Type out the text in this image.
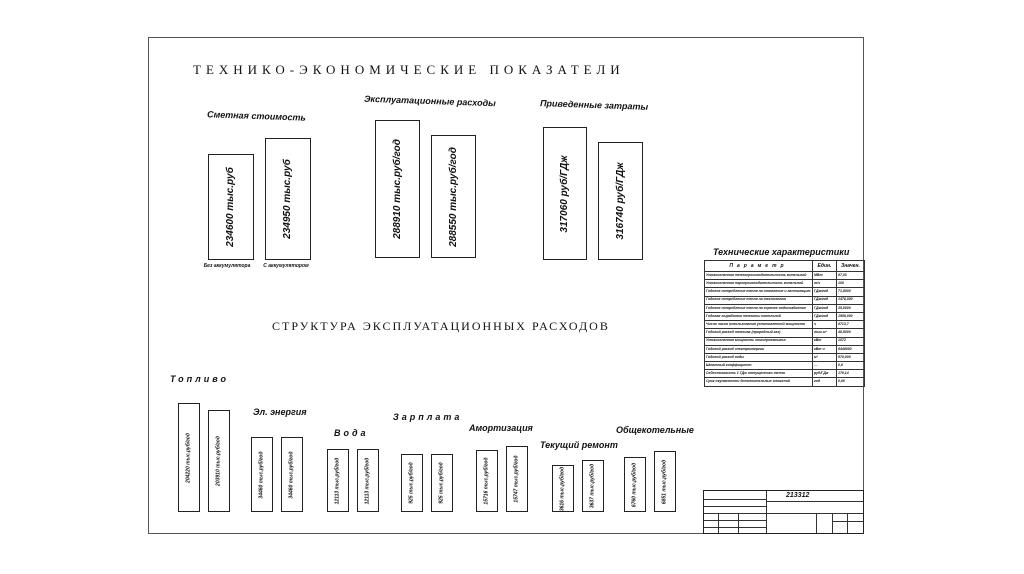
ТЕХНИКО-ЭКОНОМИЧЕСКИЕ ПОКАЗАТЕЛИ
Сметная стоимость
Эксплуатационные расходы	Приведенные затраты
234600 тыс.руб	234950 тыс.руб
Без аккумулятора	С аккумулятором
288910 тыс.руб/год	288550 тыс.руб/год	317060 руб/ГДж	316740 руб/ГДж
СТРУКТУРА ЭКСПЛУАТАЦИОННЫХ РАСХОДОВ
Топливо
204220 тыс.руб/год	203910 тыс.руб/год
Эл. энергия
34460 тыс.руб/год	34460 тыс.руб/год
Вода
12113 тыс.руб/год	12113 тыс.руб/год
Зарплата
925 тыс.руб/год	925 тыс.руб/год
Амортизация
15716 тыс.руб/год	15747 тыс.руб/год
Текущий ремонт
3616 тыс.руб/год	3637 тыс.руб/год
Общекотельные
6760 тыс.руб/год	6851 тыс.руб/год
Технические характеристики
Параметр	Един.	Значен.
Установленная теплопроизводительность котельной	МВт	67,03
Установленная паропроизводительность котельной	т/ч	100
Годовое потребление тепла на отопление и вентиляцию	ГДж/год	71,8000
Годовое потребление тепла на технологию	ГДж/год	1478,000
Годовое потребление тепла на горячее водоснабжение	ГДж/год	35,0000
Годовая выработка теплоты котельной	ГДж/год	1956,000
Число часов использования установленной мощности	ч	6713,7
Годовой расход топлива (природный газ)	тыс.м³	48,5000
Установленная мощность токоприемников	кВт	1072
Годовой расход электроэнергии	кВт·ч	6446000
Годовой расход воды	м³	570,000
Штатный коэффициент	—	0,6
Себестоимость 1 ГДж отпущенного тепла	руб/ГДж	179,14
Срок окупаемости дополнительных вложений	год	0,60
213312
